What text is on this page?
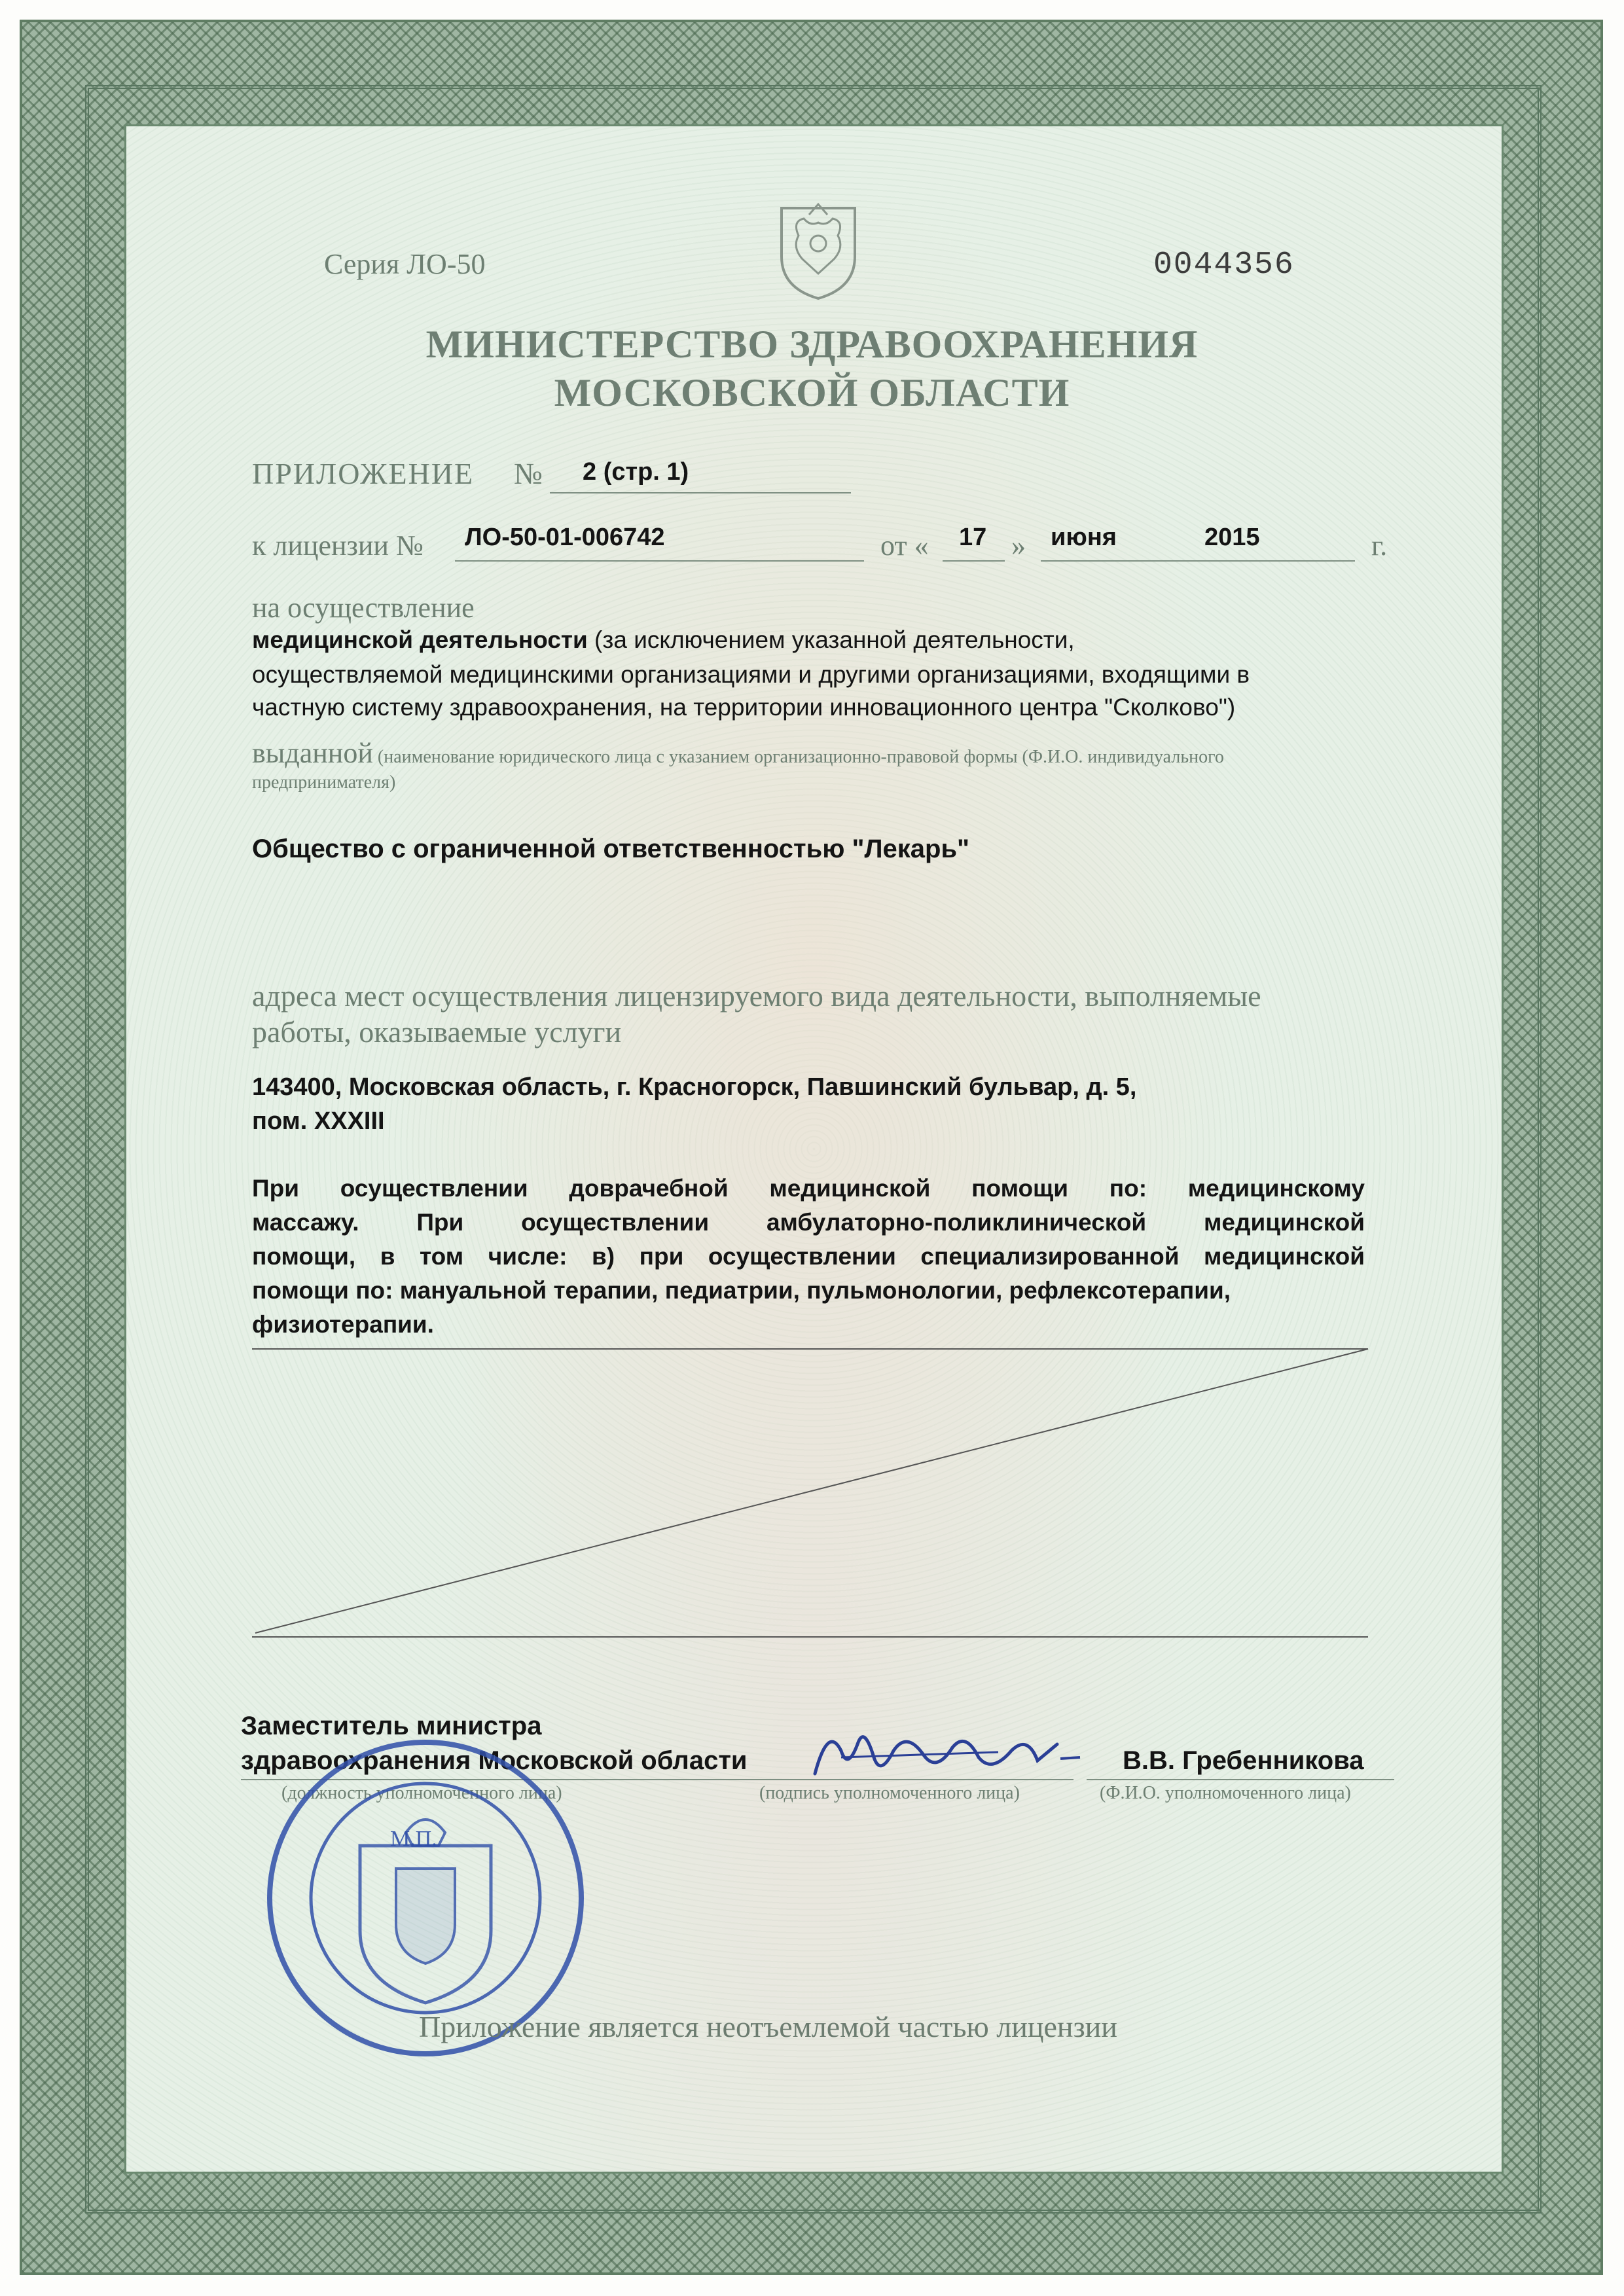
Серия ЛО-50	0044356
МИНИСТЕРСТВО ЗДРАВООХРАНЕНИЯ
МОСКОВСКОЙ ОБЛАСТИ
ПРИЛОЖЕНИЕ № 2 (стр. 1)
к лицензии № ЛО-50-01-006742	от « 17 » июня	2015	г.
на осуществление
медицинской деятельности (за исключением указанной деятельности,
осуществляемой медицинскими организациями и другими организациями, входящими в
частную систему здравоохранения, на территории инновационного центра "Сколково")
выданной (наименование юридического лица с указанием организационно-правовой формы (Ф.И.О. индивидуального
предпринимателя)
Общество с ограниченной ответственностью "Лекарь"
адреса мест осуществления лицензируемого вида деятельности, выполняемые
работы, оказываемые услуги
143400, Московская область, г. Красногорск, Павшинский бульвар, д. 5,
пом. XXXIII
При осуществлении доврачебной медицинской помощи по: медицинскому
массажу. При осуществлении амбулаторно-поликлинической медицинской
помощи, в том числе: в) при осуществлении специализированной медицинской
помощи по: мануальной терапии, педиатрии, пульмонологии, рефлексотерапии,
физиотерапии.
Заместитель министра
здравоохранения Московской области	В.В. Гребенникова
(должность уполномоченного лица)	(подпись уполномоченного лица)	(Ф.И.О. уполномоченного лица)
М.П.
Приложение является неотъемлемой частью лицензии
